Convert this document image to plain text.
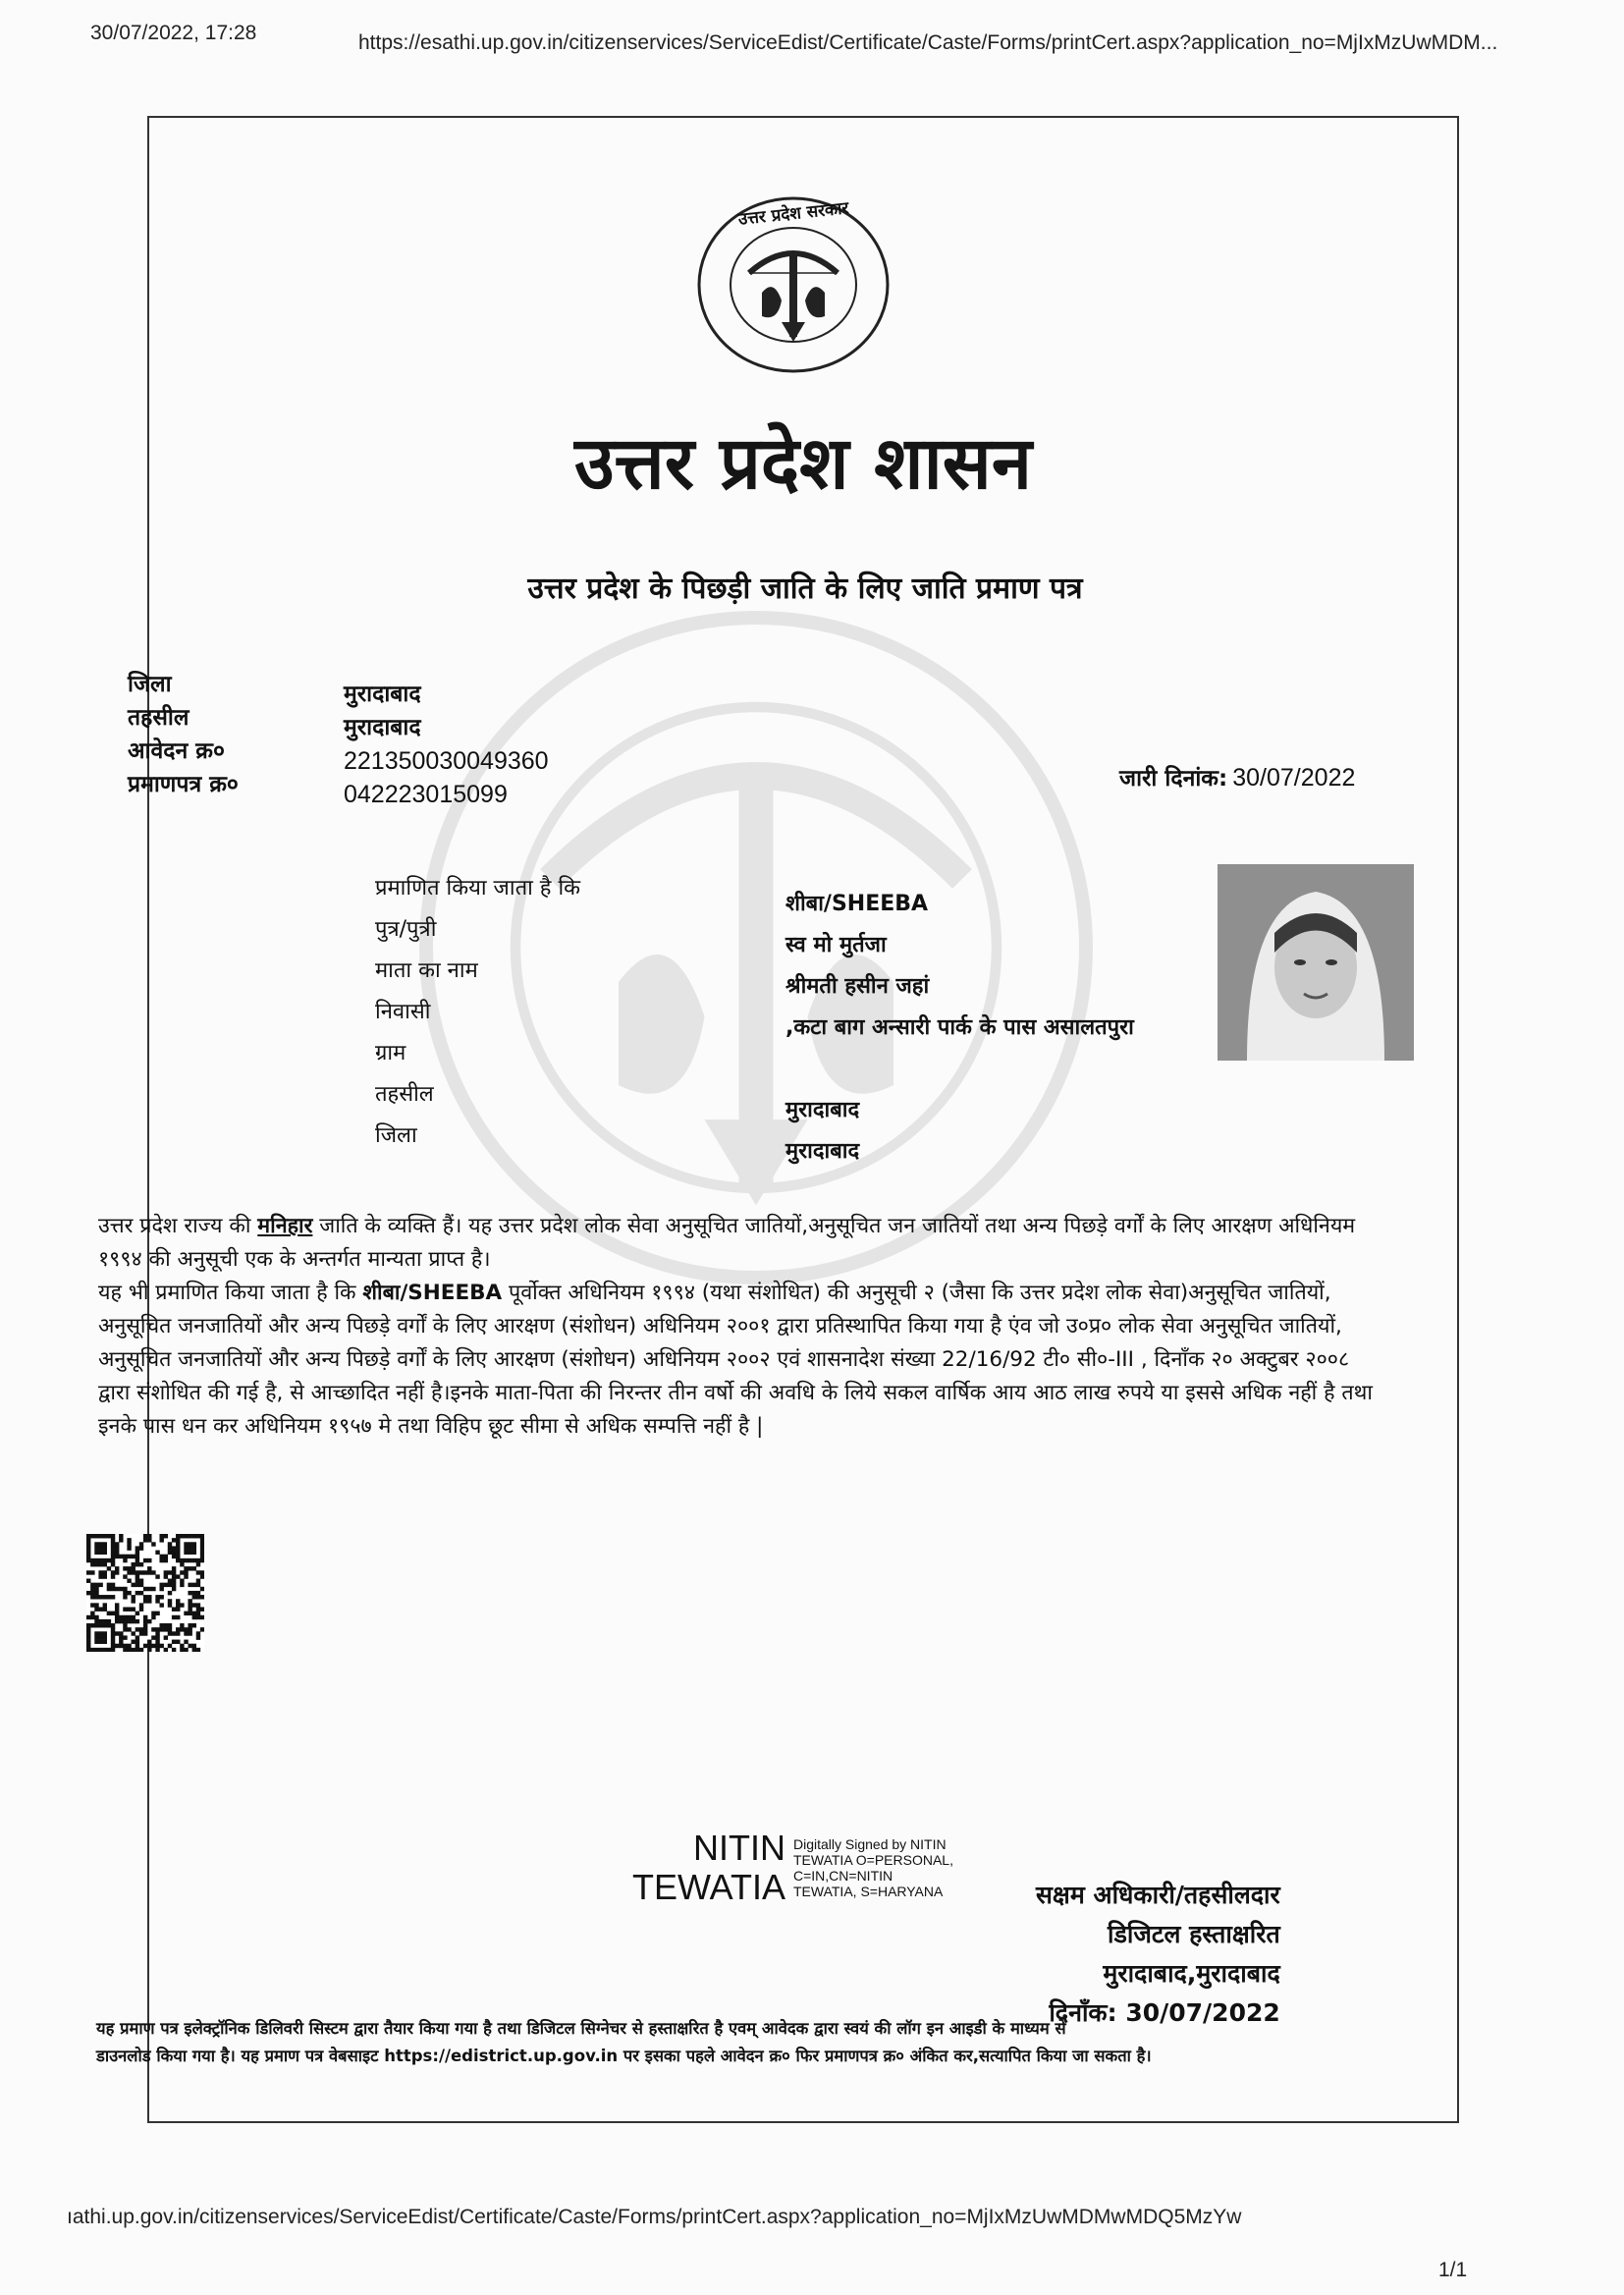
30/07/2022, 17:28	https://esathi.up.gov.in/citizenservices/ServiceEdist/Certificate/Caste/Forms/printCert.aspx?application_no=MjIxMzUwMDM...
उत्तर प्रदेश सरकार
उत्तर प्रदेश शासन
उत्तर प्रदेश के पिछड़ी जाति के लिए जाति प्रमाण पत्र
जिला
तहसील
आवेदन क्र०
प्रमाणपत्र क्र०
मुरादाबाद
मुरादाबाद
221350030049360
042223015099
जारी दिनांक: 30/07/2022
प्रमाणित किया जाता है कि
पुत्र/पुत्री
माता का नाम
निवासी
ग्राम
तहसील
जिला
शीबा/SHEEBA
स्व मो मुर्तजा
श्रीमती हसीन जहां
,कटा बाग अन्सारी पार्क के पास असालतपुरा

मुरादाबाद
मुरादाबाद

उत्तर प्रदेश राज्य की मनिहार जाति के व्यक्ति हैं। यह उत्तर प्रदेश लोक सेवा अनुसूचित जातियों,अनुसूचित जन जातियों तथा अन्य पिछड़े वर्गों के लिए आरक्षण अधिनियम १९९४ की अनुसूची एक के अन्तर्गत मान्यता प्राप्त है।

यह भी प्रमाणित किया जाता है कि शीबा/SHEEBA पूर्वोक्त अधिनियम १९९४ (यथा संशोधित) की अनुसूची २ (जैसा कि उत्तर प्रदेश लोक सेवा)अनुसूचित जातियों, अनुसूचित जनजातियों और अन्य पिछड़े वर्गों के लिए आरक्षण (संशोधन) अधिनियम २००१ द्वारा प्रतिस्थापित किया गया है एंव जो उ०प्र० लोक सेवा अनुसूचित जातियों, अनुसूचित जनजातियों और अन्य पिछड़े वर्गों के लिए आरक्षण (संशोधन) अधिनियम २००२ एवं शासनादेश संख्या 22/16/92 टी० सी०-III , दिनाँक २० अक्टुबर २००८ द्वारा संशोधित की गई है, से आच्छादित नहीं है।इनके माता-पिता की निरन्तर तीन वर्षो की अवधि के लिये सकल वार्षिक आय आठ लाख रुपये या इससे अधिक नहीं है तथा इनके पास धन कर अधिनियम १९५७ मे तथा विहिप छूट सीमा से अधिक सम्पत्ति नहीं है |

NITIN
TEWATIA
Digitally Signed by NITIN
TEWATIA O=PERSONAL,
C=IN,CN=NITIN
TEWATIA, S=HARYANA	सक्षम अधिकारी/तहसीलदार
डिजिटल हस्ताक्षरित
मुरादाबाद,मुरादाबाद
दिनाँक: 30/07/2022
यह प्रमाण पत्र इलेक्ट्रॉनिक डिलिवरी सिस्टम द्वारा तैयार किया गया है तथा डिजिटल सिग्नेचर से हस्ताक्षरित है एवम् आवेदक द्वारा स्वयं की लॉग इन आइडी के माध्यम से
डाउनलोड किया गया है। यह प्रमाण पत्र वेबसाइट https://edistrict.up.gov.in पर इसका पहले आवेदन क्र० फिर प्रमाणपत्र क्र० अंकित कर,सत्यापित किया जा सकता है।
ıathi.up.gov.in/citizenservices/ServiceEdist/Certificate/Caste/Forms/printCert.aspx?application_no=MjIxMzUwMDMwMDQ5MzYw
1/1
